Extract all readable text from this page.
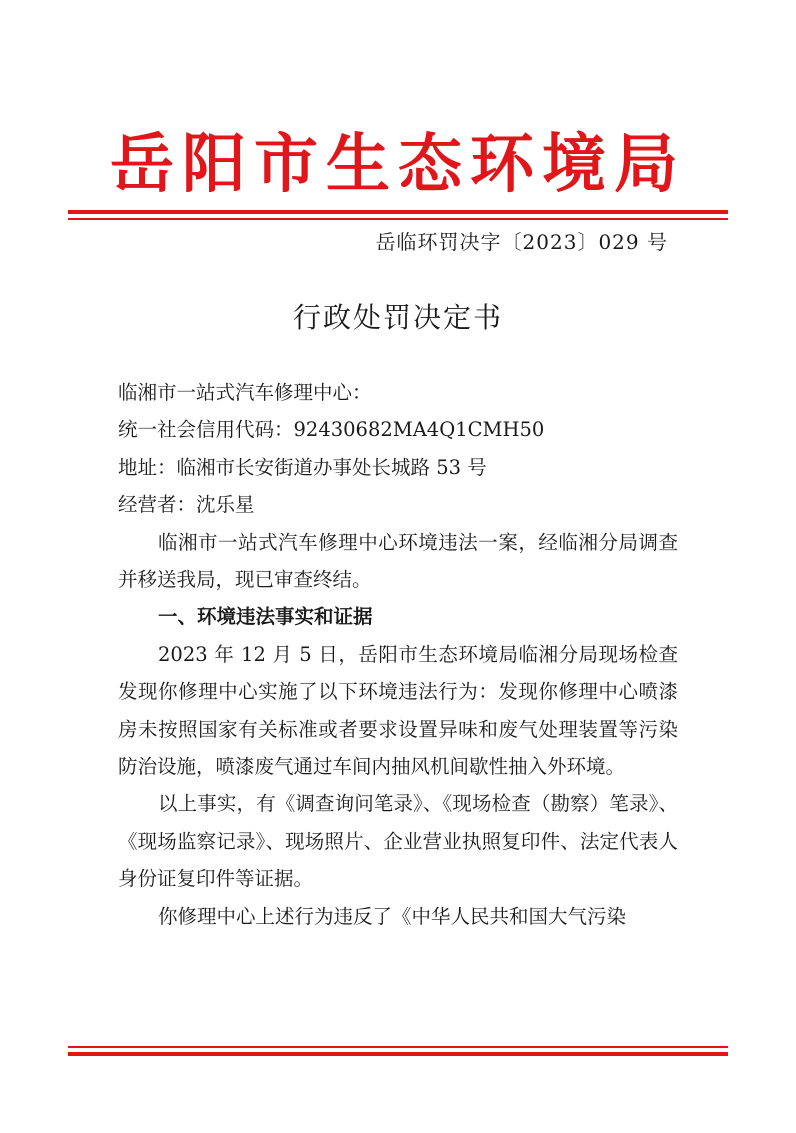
岳阳市生态环境局
岳临环罚决字〔2023〕029 号
行政处罚决定书

临湘市一站式汽车修理中心：

统一社会信用代码：92430682MA4Q1CMH50

地址：临湘市长安街道办事处长城路 53 号

经营者：沈乐星

临湘市一站式汽车修理中心环境违法一案，经临湘分局调查并移送我局，现已审查终结。

一、环境违法事实和证据

2023 年 12 月 5 日，岳阳市生态环境局临湘分局现场检查发现你修理中心实施了以下环境违法行为：发现你修理中心喷漆房未按照国家有关标准或者要求设置异味和废气处理装置等污染防治设施，喷漆废气通过车间内抽风机间歇性抽入外环境。

以上事实，有《调查询问笔录》、《现场检查（勘察）笔录》、《现场监察记录》、现场照片、企业营业执照复印件、法定代表人身份证复印件等证据。

你修理中心上述行为违反了《中华人民共和国大气污染
